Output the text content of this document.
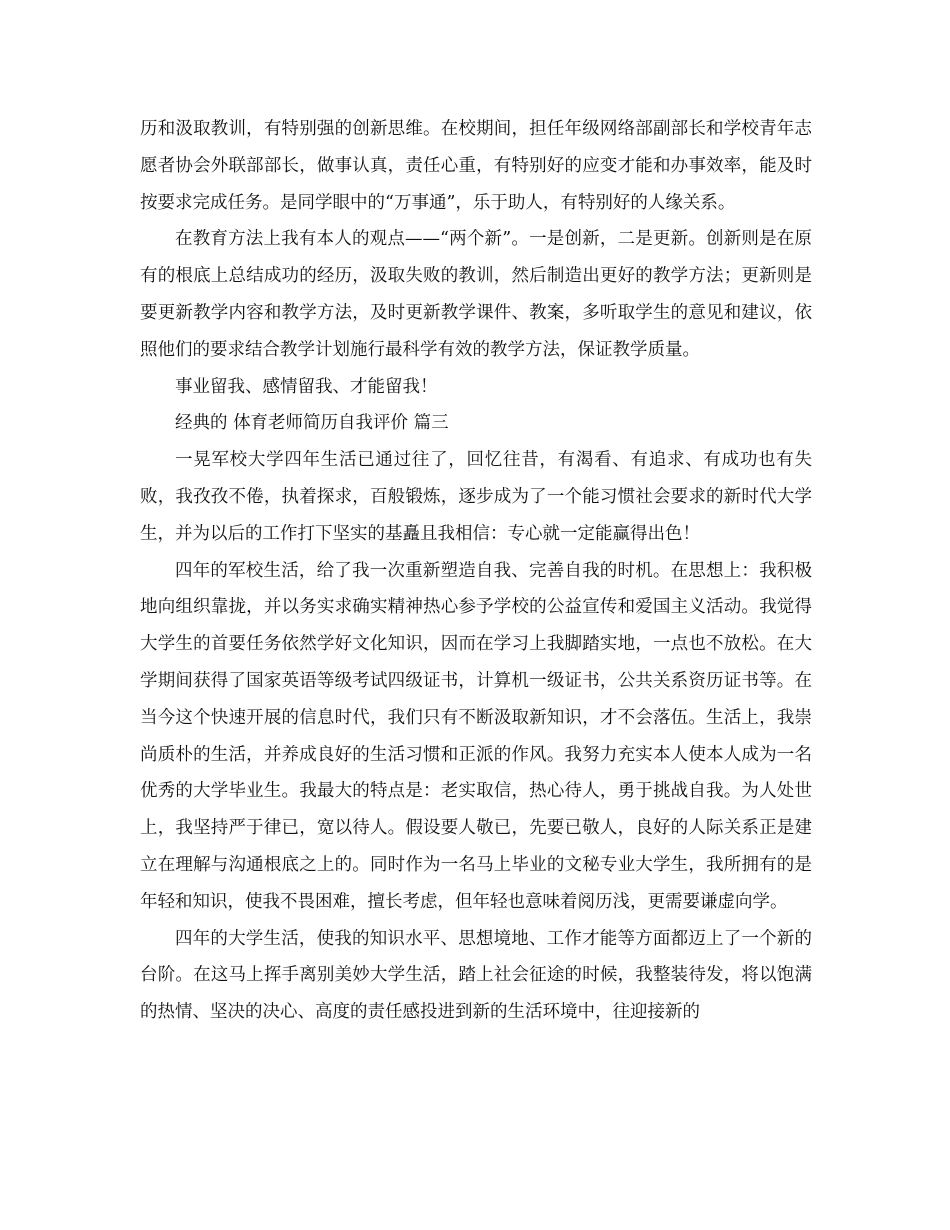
历和汲取教训，有特别强的创新思维。在校期间，担任年级网络部副部长和学校青年志愿者协会外联部部长，做事认真，责任心重，有特别好的应变才能和办事效率，能及时按要求完成任务。是同学眼中的“万事通”，乐于助人，有特别好的人缘关系。

在教育方法上我有本人的观点——“两个新”。一是创新，二是更新。创新则是在原有的根底上总结成功的经历，汲取失败的教训，然后制造出更好的教学方法；更新则是要更新教学内容和教学方法，及时更新教学课件、教案，多听取学生的意见和建议，依照他们的要求结合教学计划施行最科学有效的教学方法，保证教学质量。

事业留我、感情留我、才能留我！

经典的 体育老师简历自我评价 篇三

一晃军校大学四年生活已通过往了，回忆往昔，有渴看、有追求、有成功也有失败，我孜孜不倦，执着探求，百般锻炼，逐步成为了一个能习惯社会要求的新时代大学生，并为以后的工作打下坚实的基矗且我相信：专心就一定能赢得出色！

四年的军校生活，给了我一次重新塑造自我、完善自我的时机。在思想上：我积极地向组织靠拢，并以务实求确实精神热心参予学校的公益宣传和爱国主义活动。我觉得大学生的首要任务依然学好文化知识，因而在学习上我脚踏实地，一点也不放松。在大学期间获得了国家英语等级考试四级证书，计算机一级证书，公共关系资历证书等。在当今这个快速开展的信息时代，我们只有不断汲取新知识，才不会落伍。生活上，我崇尚质朴的生活，并养成良好的生活习惯和正派的作风。我努力充实本人使本人成为一名优秀的大学毕业生。我最大的特点是：老实取信，热心待人，勇于挑战自我。为人处世上，我坚持严于律已，宽以待人。假设要人敬已，先要已敬人，良好的人际关系正是建立在理解与沟通根底之上的。同时作为一名马上毕业的文秘专业大学生，我所拥有的是年轻和知识，使我不畏困难，擅长考虑，但年轻也意味着阅历浅，更需要谦虚向学。

四年的大学生活，使我的知识水平、思想境地、工作才能等方面都迈上了一个新的台阶。在这马上挥手离别美妙大学生活，踏上社会征途的时候，我整装待发，将以饱满的热情、坚决的决心、高度的责任感投进到新的生活环境中，往迎接新的
